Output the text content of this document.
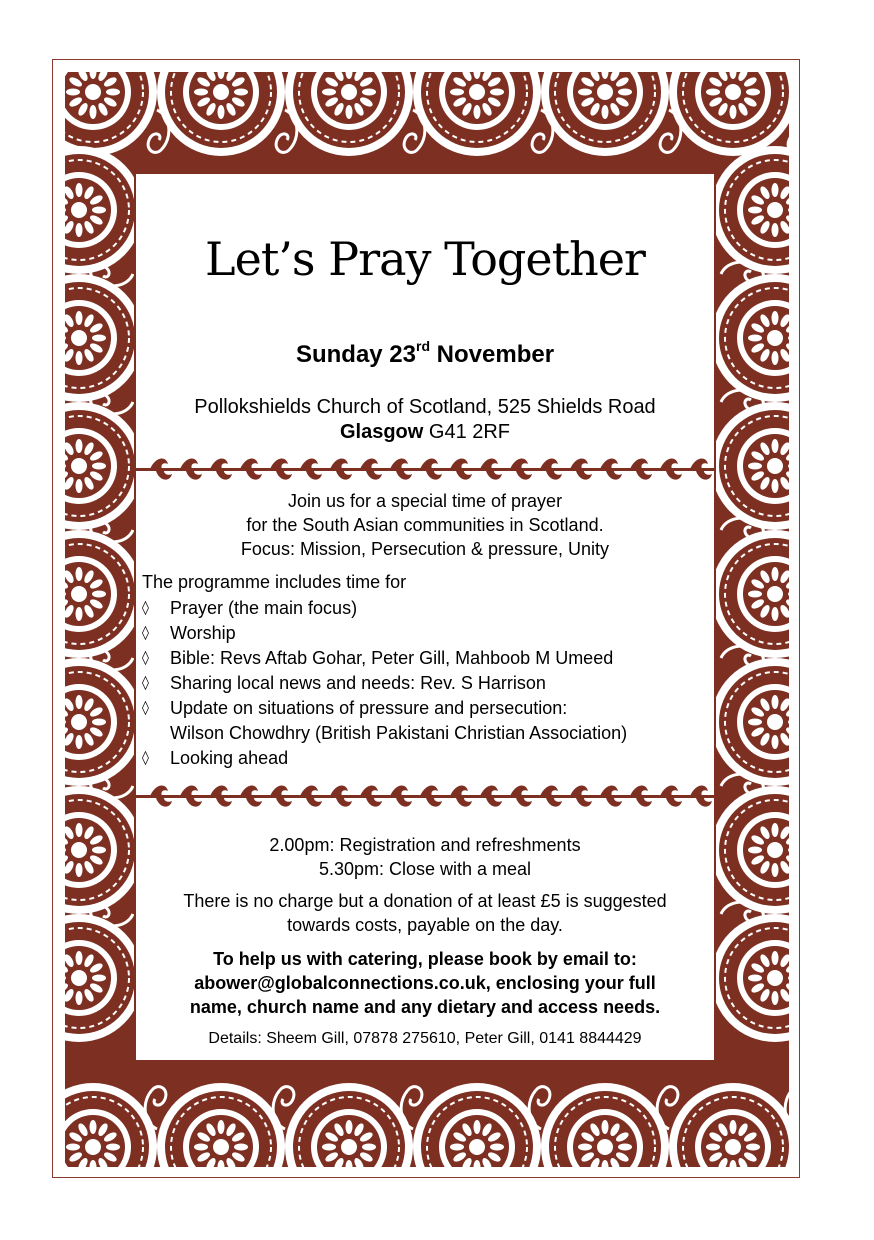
Let’s Pray Together
Sunday 23rd November
Pollokshields Church of Scotland, 525 Shields Road
Glasgow G41 2RF
Join us for a special time of prayer
for the South Asian communities in Scotland.
Focus: Mission, Persecution & pressure, Unity
The programme includes time for
◊ Prayer (the main focus)
◊ Worship
◊ Bible: Revs Aftab Gohar, Peter Gill, Mahboob M Umeed
◊ Sharing local news and needs: Rev. S Harrison
◊ Update on situations of pressure and persecution:
Wilson Chowdhry (British Pakistani Christian Association)
◊ Looking ahead
2.00pm: Registration and refreshments
5.30pm: Close with a meal
There is no charge but a donation of at least £5 is suggested
towards costs, payable on the day.
To help us with catering, please book by email to:
abower@globalconnections.co.uk, enclosing your full
name, church name and any dietary and access needs.
Details: Sheem Gill, 07878 275610, Peter Gill, 0141 8844429
